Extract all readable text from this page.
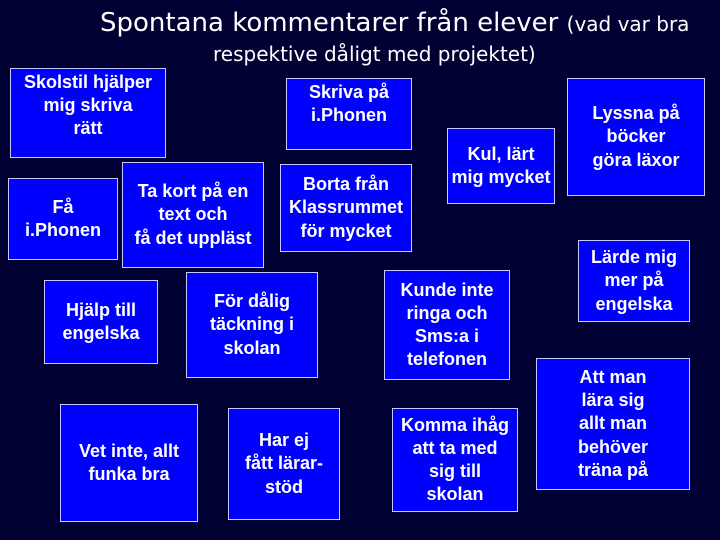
Spontana kommentarer från elever (vad var bra
respektive dåligt med projektet)
Skolstil hjälper
mig skriva
rätt
Skriva på
i.Phonen	Lyssna på
böcker
göra läxor
Kul, lärt
mig mycket
Få
i.Phonen
Ta kort på en
text och
få det uppläst
Borta från
Klassrummet
för mycket
Lärde mig
mer på
engelska
Hjälp till
engelska
För dålig
täckning i
skolan
Kunde inte
ringa och
Sms:a i
telefonen
Att man
lära sig
allt man
behöver
träna på
Vet inte, allt
funka bra
Har ej
fått lärar-
stöd
Komma ihåg
att ta med
sig till
skolan
